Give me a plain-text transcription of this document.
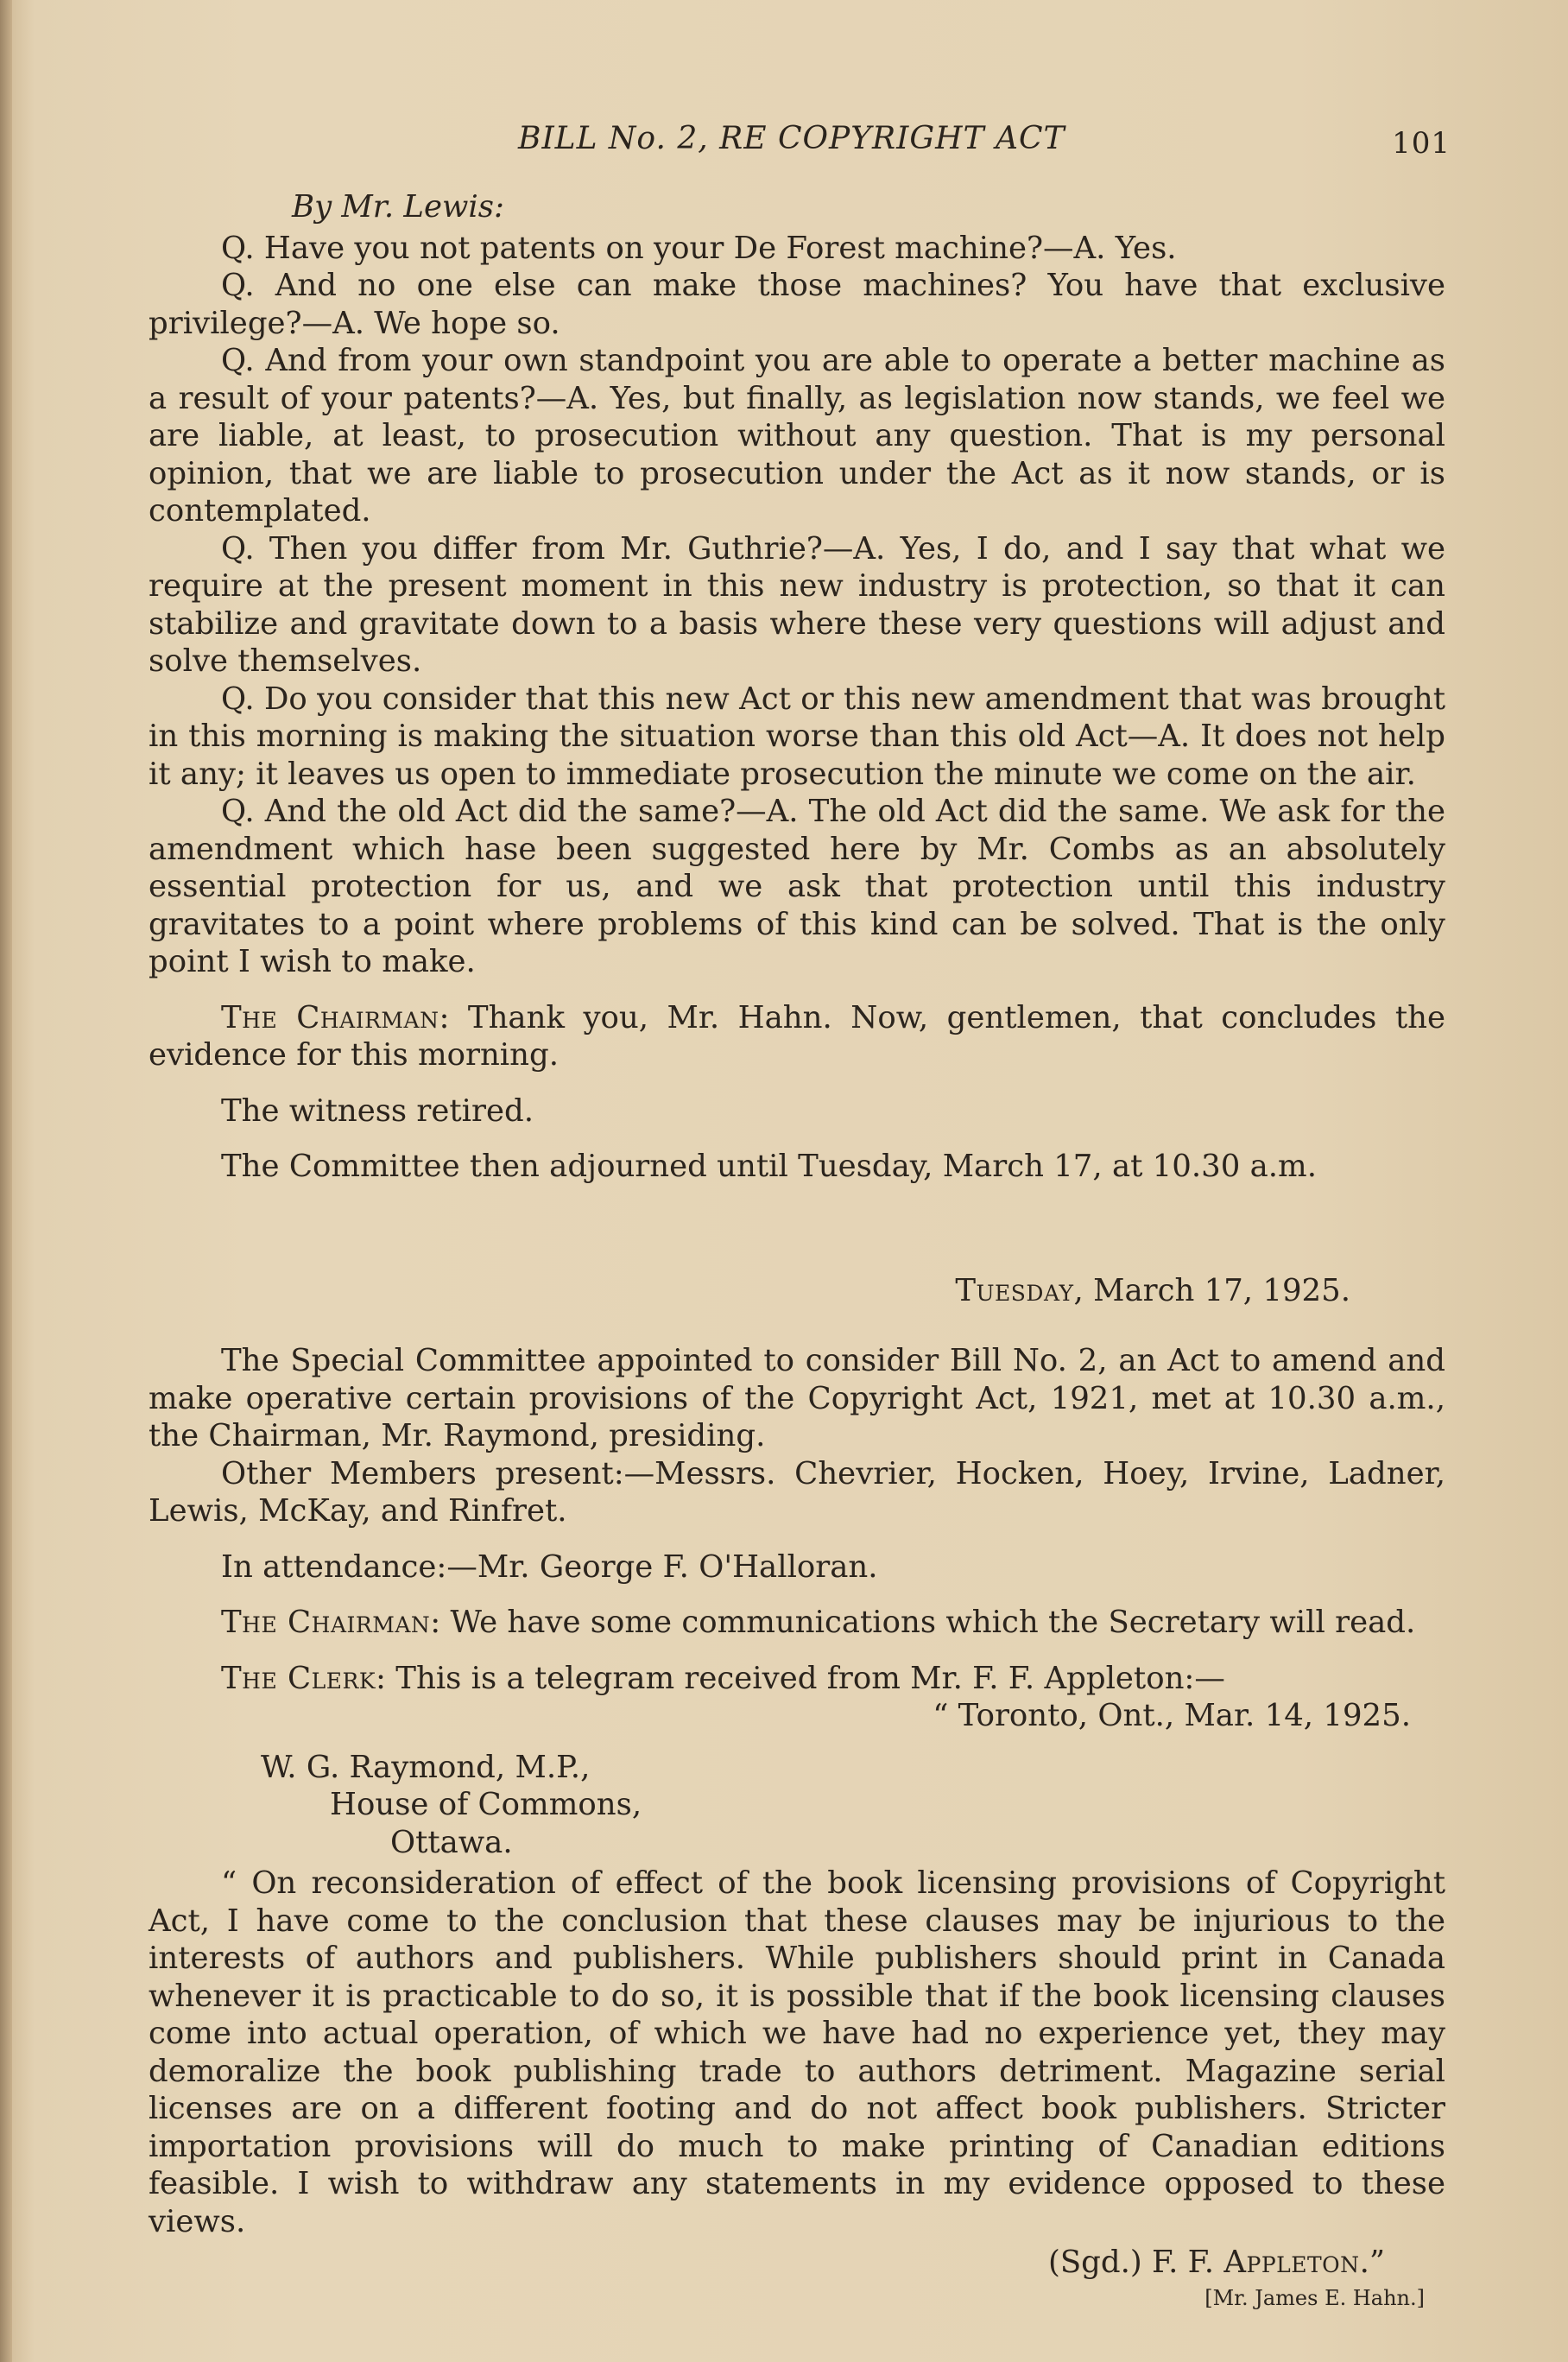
BILL No. 2, RE COPYRIGHT ACT	101

By Mr. Lewis:

Q. Have you not patents on your De Forest machine?—A. Yes.

Q. And no one else can make those machines? You have that exclusive privilege?—A. We hope so.

Q. And from your own standpoint you are able to operate a better machine as a result of your patents?—A. Yes, but finally, as legislation now stands, we feel we are liable, at least, to prosecution without any question. That is my personal opinion, that we are liable to prosecution under the Act as it now stands, or is contemplated.

Q. Then you differ from Mr. Guthrie?—A. Yes, I do, and I say that what we require at the present moment in this new industry is protection, so that it can stabilize and gravitate down to a basis where these very questions will adjust and solve themselves.

Q. Do you consider that this new Act or this new amendment that was brought in this morning is making the situation worse than this old Act—A. It does not help it any; it leaves us open to immediate prosecution the minute we come on the air.

Q. And the old Act did the same?—A. The old Act did the same. We ask for the amendment which hase been suggested here by Mr. Combs as an absolutely essential protection for us, and we ask that protection until this industry gravitates to a point where problems of this kind can be solved. That is the only point I wish to make.

The Chairman: Thank you, Mr. Hahn. Now, gentlemen, that concludes the evidence for this morning.

The witness retired.

The Committee then adjourned until Tuesday, March 17, at 10.30 a.m.

Tuesday, March 17, 1925.

The Special Committee appointed to consider Bill No. 2, an Act to amend and make operative certain provisions of the Copyright Act, 1921, met at 10.30 a.m., the Chairman, Mr. Raymond, presiding.

Other Members present:—Messrs. Chevrier, Hocken, Hoey, Irvine, Ladner, Lewis, McKay, and Rinfret.

In attendance:—Mr. George F. O'Halloran.

The Chairman: We have some communications which the Secretary will read.

The Clerk: This is a telegram received from Mr. F. F. Appleton:—

“ Toronto, Ont., Mar. 14, 1925.

W. G. Raymond, M.P.,

House of Commons,

Ottawa.

“ On reconsideration of effect of the book licensing provisions of Copyright Act, I have come to the conclusion that these clauses may be injurious to the interests of authors and publishers. While publishers should print in Canada whenever it is practicable to do so, it is possible that if the book licensing clauses come into actual operation, of which we have had no experience yet, they may demoralize the book publishing trade to authors detriment. Magazine serial licenses are on a different footing and do not affect book publishers. Stricter importation provisions will do much to make printing of Canadian editions feasible. I wish to withdraw any statements in my evidence opposed to these views.

(Sgd.) F. F. Appleton.”

[Mr. James E. Hahn.]
